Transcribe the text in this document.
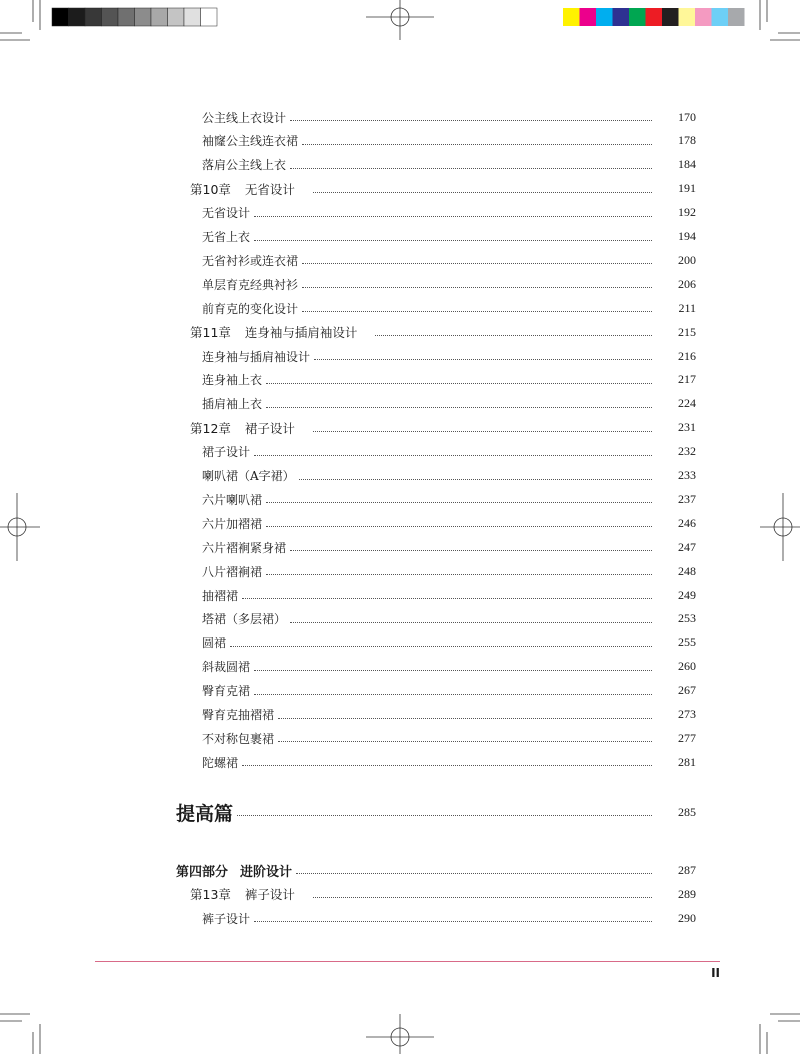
公主线上衣设计	170
袖窿公主线连衣裙	178
落肩公主线上衣	184
第10章 无省设计	191
无省设计	192
无省上衣	194
无省衬衫或连衣裙	200
单层育克经典衬衫	206
前育克的变化设计	211
第11章 连身袖与插肩袖设计	215
连身袖与插肩袖设计	216
连身袖上衣	217
插肩袖上衣	224
第12章 裙子设计	231
裙子设计	232
喇叭裙（A字裙）	233
六片喇叭裙	237
六片加褶裙	246
六片褶裥紧身裙	247
八片褶裥裙	248
抽褶裙	249
塔裙（多层裙）	253
圆裙	255
斜裁圆裙	260
臀育克裙	267
臀育克抽褶裙	273
不对称包裹裙	277
陀螺裙	281
提高篇	285
第四部分 进阶设计	287
第13章 裤子设计	289
裤子设计	290
II
